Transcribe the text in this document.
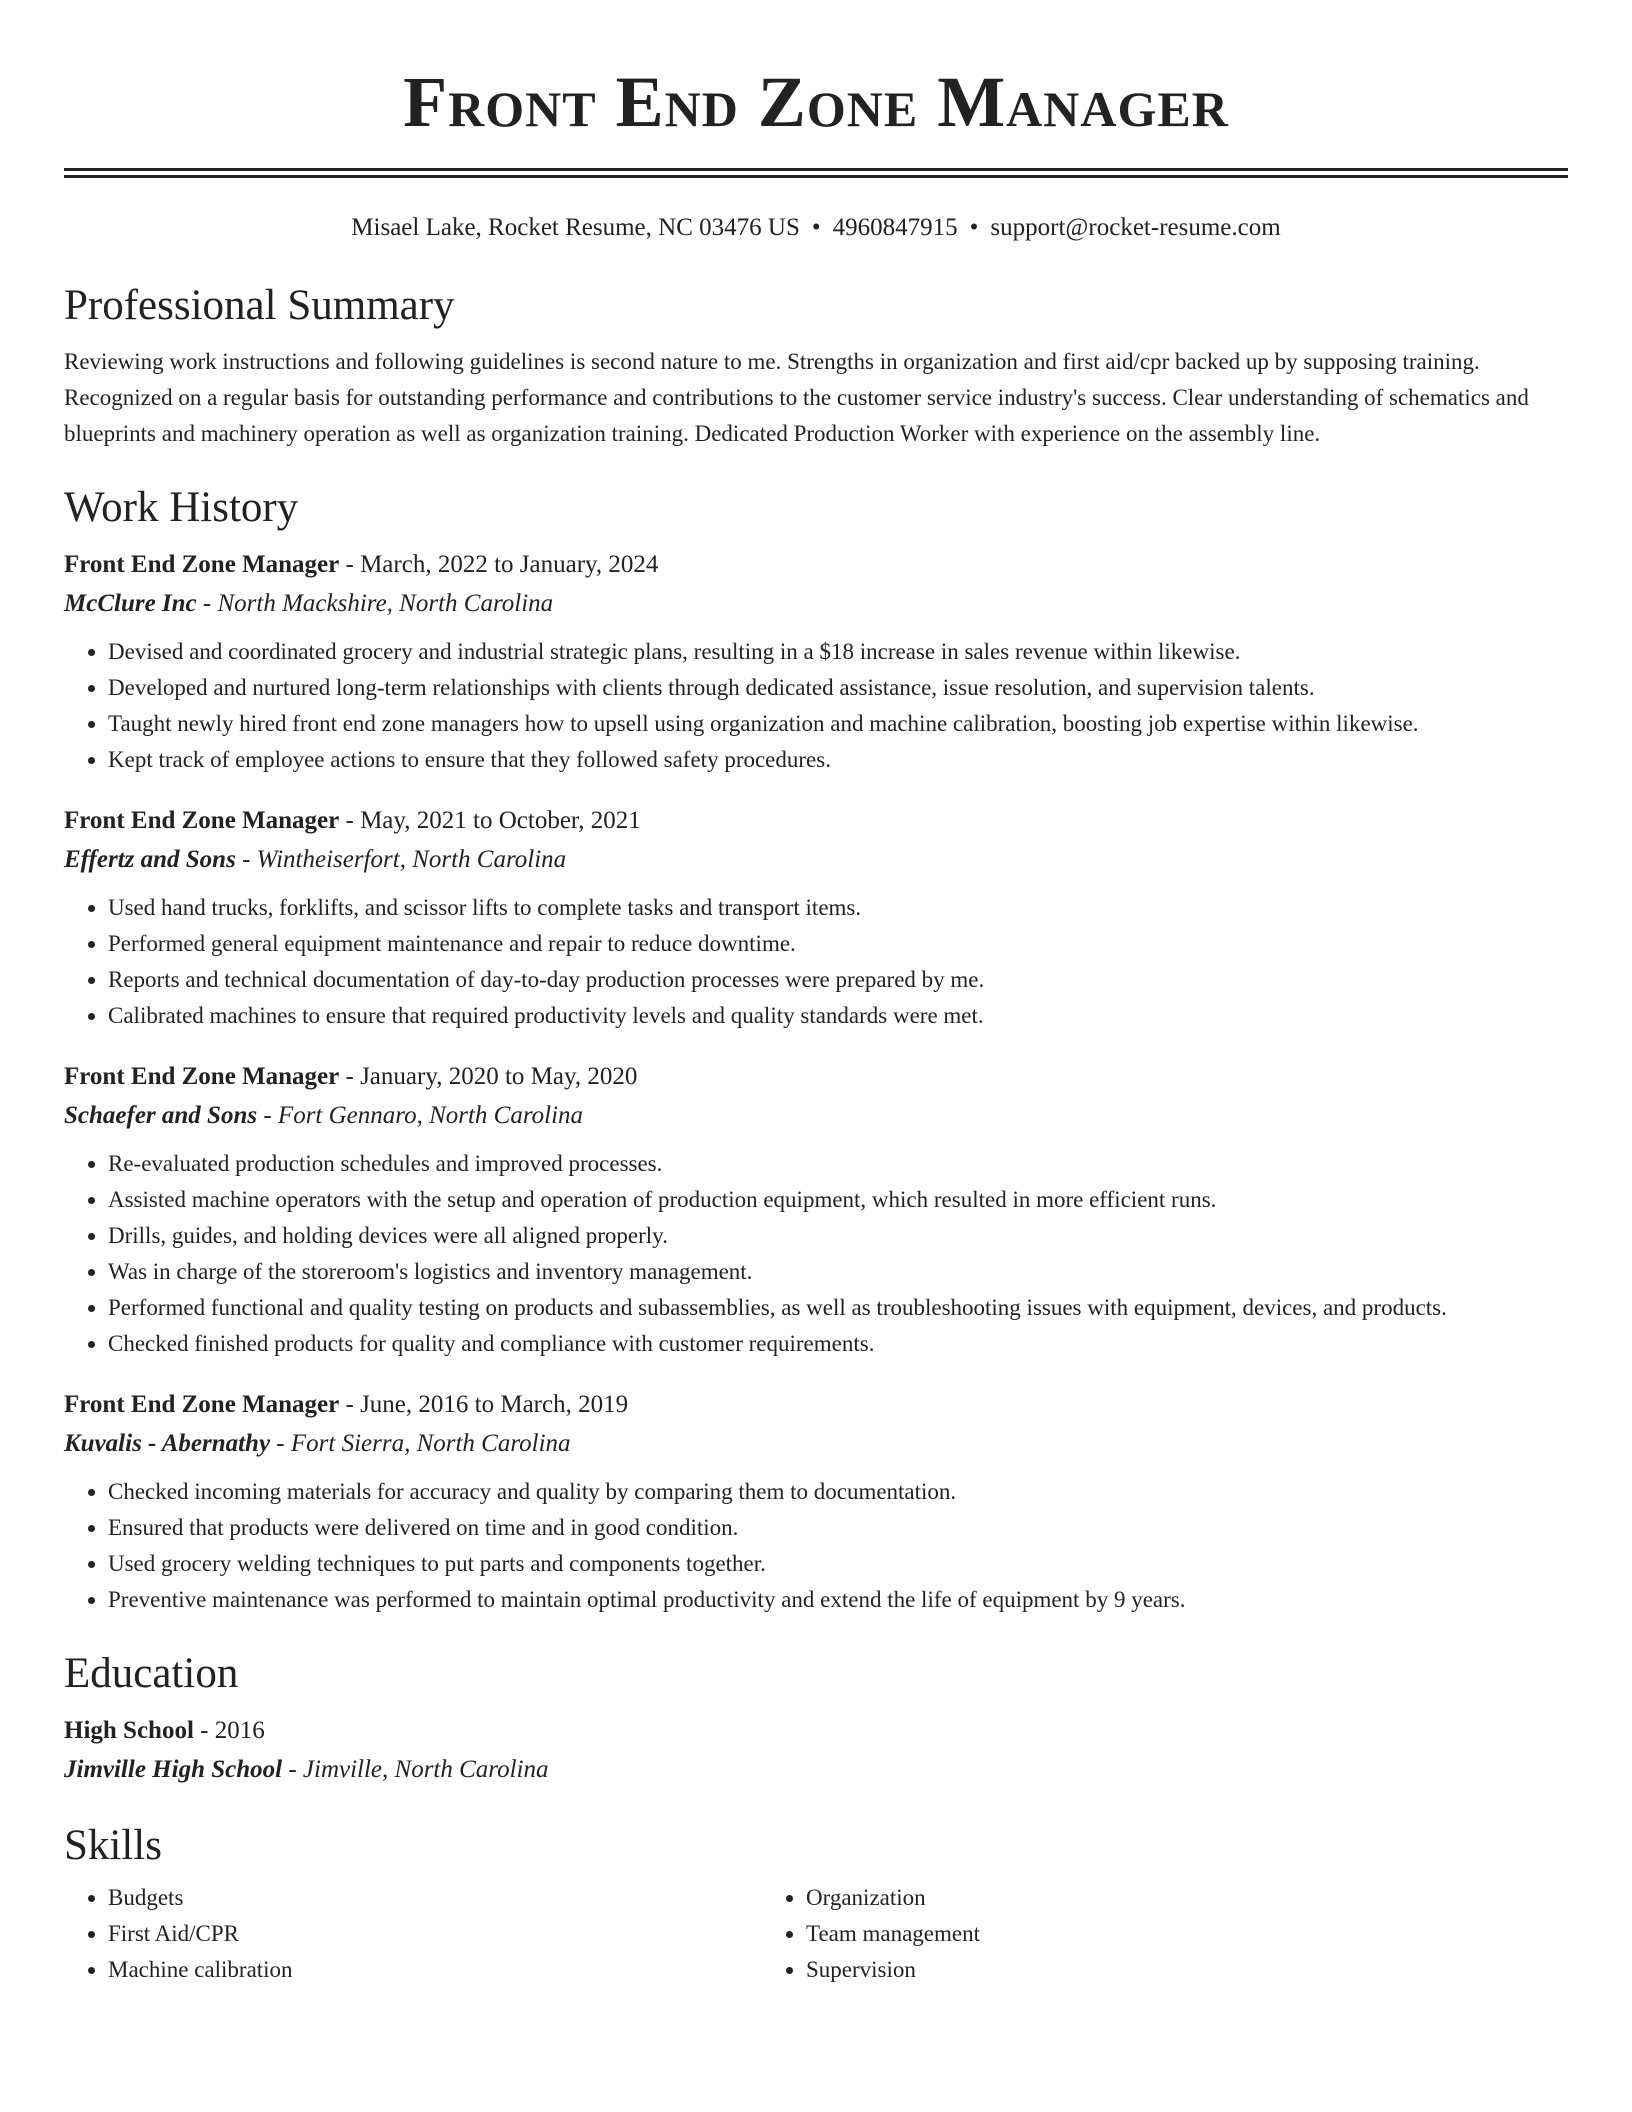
Front End Zone Manager
Misael Lake, Rocket Resume, NC 03476 US • 4960847915 • support@rocket-resume.com
Professional Summary
Reviewing work instructions and following guidelines is second nature to me. Strengths in organization and first aid/cpr backed up by supposing training. Recognized on a regular basis for outstanding performance and contributions to the customer service industry's success. Clear understanding of schematics and blueprints and machinery operation as well as organization training. Dedicated Production Worker with experience on the assembly line.
Work History
Front End Zone Manager - March, 2022 to January, 2024
McClure Inc - North Mackshire, North Carolina
• Devised and coordinated grocery and industrial strategic plans, resulting in a $18 increase in sales revenue within likewise.
• Developed and nurtured long-term relationships with clients through dedicated assistance, issue resolution, and supervision talents.
• Taught newly hired front end zone managers how to upsell using organization and machine calibration, boosting job expertise within likewise.
• Kept track of employee actions to ensure that they followed safety procedures.
Front End Zone Manager - May, 2021 to October, 2021
Effertz and Sons - Wintheiserfort, North Carolina
• Used hand trucks, forklifts, and scissor lifts to complete tasks and transport items.
• Performed general equipment maintenance and repair to reduce downtime.
• Reports and technical documentation of day-to-day production processes were prepared by me.
• Calibrated machines to ensure that required productivity levels and quality standards were met.
Front End Zone Manager - January, 2020 to May, 2020
Schaefer and Sons - Fort Gennaro, North Carolina
• Re-evaluated production schedules and improved processes.
• Assisted machine operators with the setup and operation of production equipment, which resulted in more efficient runs.
• Drills, guides, and holding devices were all aligned properly.
• Was in charge of the storeroom's logistics and inventory management.
• Performed functional and quality testing on products and subassemblies, as well as troubleshooting issues with equipment, devices, and products.
• Checked finished products for quality and compliance with customer requirements.
Front End Zone Manager - June, 2016 to March, 2019
Kuvalis - Abernathy - Fort Sierra, North Carolina
• Checked incoming materials for accuracy and quality by comparing them to documentation.
• Ensured that products were delivered on time and in good condition.
• Used grocery welding techniques to put parts and components together.
• Preventive maintenance was performed to maintain optimal productivity and extend the life of equipment by 9 years.
Education
High School - 2016
Jimville High School - Jimville, North Carolina
Skills
• Budgets
• First Aid/CPR
• Machine calibration
• Organization
• Team management
• Supervision
